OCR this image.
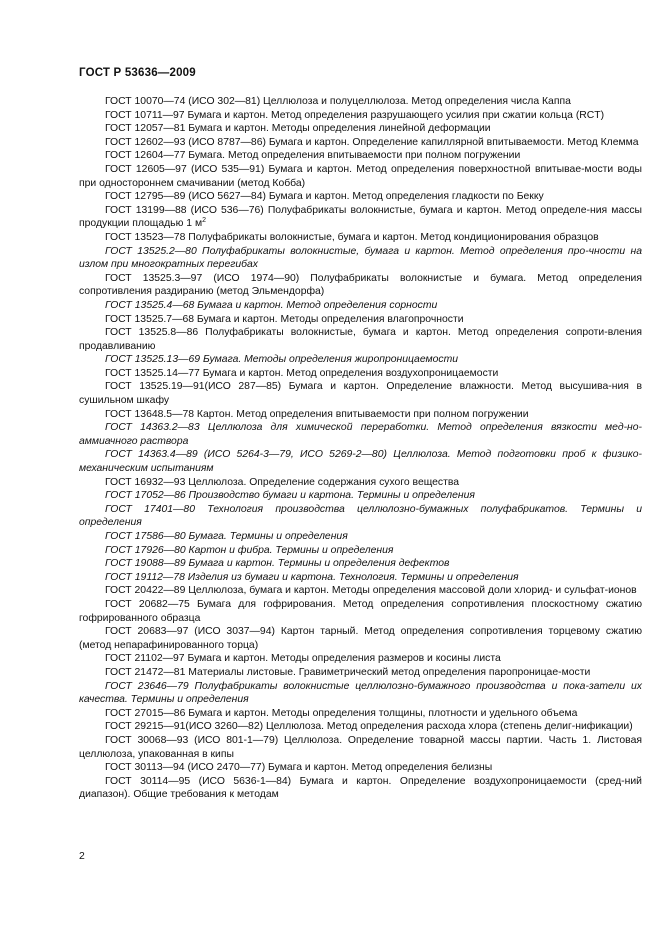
ГОСТ Р 53636—2009

ГОСТ 10070—74 (ИСО 302—81) Целлюлоза и полуцеллюлоза. Метод определения числа Каппа

ГОСТ 10711—97 Бумага и картон. Метод определения разрушающего усилия при сжатии кольца (RCT)

ГОСТ 12057—81 Бумага и картон. Методы определения линейной деформации

ГОСТ 12602—93 (ИСО 8787—86) Бумага и картон. Определение капиллярной впитываемости. Метод Клемма

ГОСТ 12604—77 Бумага. Метод определения впитываемости при полном погружении

ГОСТ 12605—97 (ИСО 535—91) Бумага и картон. Метод определения поверхностной впитывае-мости воды при одностороннем смачивании (метод Кобба)

ГОСТ 12795—89 (ИСО 5627—84) Бумага и картон. Метод определения гладкости по Бекку

ГОСТ 13199—88 (ИСО 536—76) Полуфабрикаты волокнистые, бумага и картон. Метод определе-ния массы продукции площадью 1 $м^2$

ГОСТ 13523—78 Полуфабрикаты волокнистые, бумага и картон. Метод кондиционирования образцов

ГОСТ 13525.2—80 Полуфабрикаты волокнистые, бумага и картон. Метод определения про-чности на излом при многократных перегибах

ГОСТ 13525.3—97 (ИСО 1974—90) Полуфабрикаты волокнистые и бумага. Метод определения сопротивления раздиранию (метод Эльмендорфа)

ГОСТ 13525.4—68 Бумага и картон. Метод определения сорности

ГОСТ 13525.7—68 Бумага и картон. Методы определения влагопрочности

ГОСТ 13525.8—86 Полуфабрикаты волокнистые, бумага и картон. Метод определения сопроти-вления продавливанию

ГОСТ 13525.13—69 Бумага. Методы определения жиропроницаемости

ГОСТ 13525.14—77 Бумага и картон. Метод определения воздухопроницаемости

ГОСТ 13525.19—91(ИСО 287—85) Бумага и картон. Определение влажности. Метод высушива-ния в сушильном шкафу

ГОСТ 13648.5—78 Картон. Метод определения впитываемости при полном погружении

ГОСТ 14363.2—83 Целлюлоза для химической переработки. Метод определения вязкости мед-но-аммиачного раствора

ГОСТ 14363.4—89 (ИСО 5264-3—79, ИСО 5269-2—80) Целлюлоза. Метод подготовки проб к физико-механическим испытаниям

ГОСТ 16932—93 Целлюлоза. Определение содержания сухого вещества

ГОСТ 17052—86 Производство бумаги и картона. Термины и определения

ГОСТ 17401—80 Технология производства целлюлозно-бумажных полуфабрикатов. Термины и определения

ГОСТ 17586—80 Бумага. Термины и определения

ГОСТ 17926—80 Картон и фибра. Термины и определения

ГОСТ 19088—89 Бумага и картон. Термины и определения дефектов

ГОСТ 19112—78 Изделия из бумаги и картона. Технология. Термины и определения

ГОСТ 20422—89 Целлюлоза, бумага и картон. Методы определения массовой доли хлорид- и сульфат-ионов

ГОСТ 20682—75 Бумага для гофрирования. Метод определения сопротивления плоскостному сжатию гофрированного образца

ГОСТ 20683—97 (ИСО 3037—94) Картон тарный. Метод определения сопротивления торцевому сжатию (метод непарафинированного торца)

ГОСТ 21102—97 Бумага и картон. Методы определения размеров и косины листа

ГОСТ 21472—81 Материалы листовые. Гравиметрический метод определения паропроницае-мости

ГОСТ 23646—79 Полуфабрикаты волокнистые целлюлозно-бумажного производства и пока-затели их качества. Термины и определения

ГОСТ 27015—86 Бумага и картон. Методы определения толщины, плотности и удельного объема

ГОСТ 29215—91(ИСО 3260—82) Целлюлоза. Метод определения расхода хлора (степень делиг-нификации)

ГОСТ 30068—93 (ИСО 801-1—79) Целлюлоза. Определение товарной массы партии. Часть 1. Листовая целлюлоза, упакованная в кипы

ГОСТ 30113—94 (ИСО 2470—77) Бумага и картон. Метод определения белизны

ГОСТ 30114—95 (ИСО 5636-1—84) Бумага и картон. Определение воздухопроницаемости (сред-ний диапазон). Общие требования к методам

2
